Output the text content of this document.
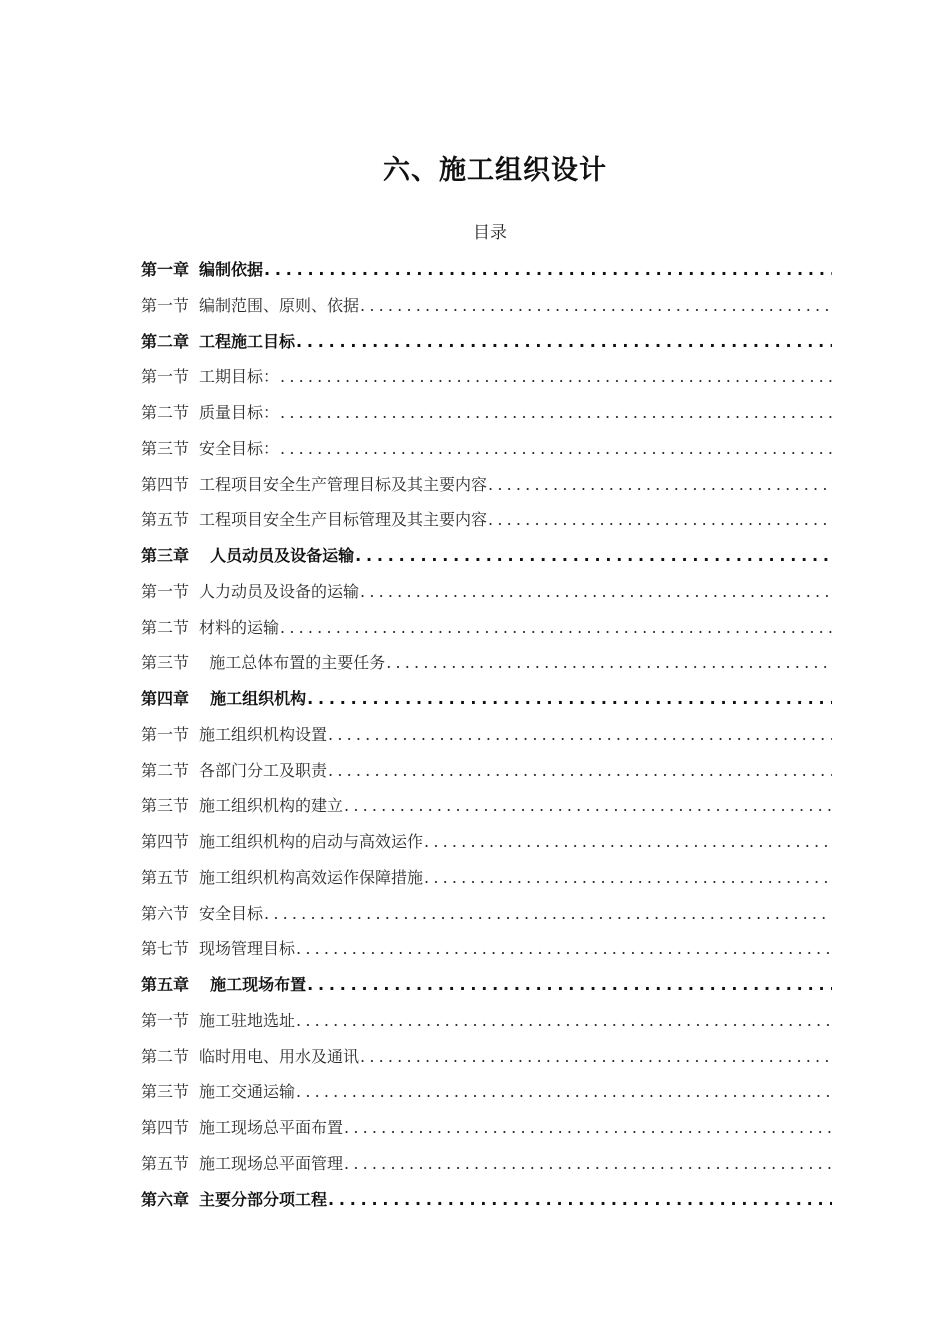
六、施工组织设计
目录
第一章 编制依据
.....
第一节 编制范围、原则、依据
.....
第二章 工程施工目标
.....
第一节 工期目标：
.....
第二节 质量目标：
.....
第三节 安全目标：
.....
第四节 工程项目安全生产管理目标及其主要内容
.....
第五节 工程项目安全生产目标管理及其主要内容
.....
第三章  人员动员及设备运输
.....
第一节 人力动员及设备的运输
.....
第二节 材料的运输
.....
第三节  施工总体布置的主要任务
.....
第四章  施工组织机构
.....
第一节 施工组织机构设置
.....
第二节 各部门分工及职责
.....
第三节 施工组织机构的建立
.....
第四节 施工组织机构的启动与高效运作
.....
第五节 施工组织机构高效运作保障措施
.....
第六节 安全目标
.....
第七节 现场管理目标
.....
第五章  施工现场布置
.....
第一节 施工驻地选址
.....
第二节 临时用电、用水及通讯
.....
第三节 施工交通运输
.....
第四节 施工现场总平面布置
.....
第五节 施工现场总平面管理
.....
第六章 主要分部分项工程
.....
